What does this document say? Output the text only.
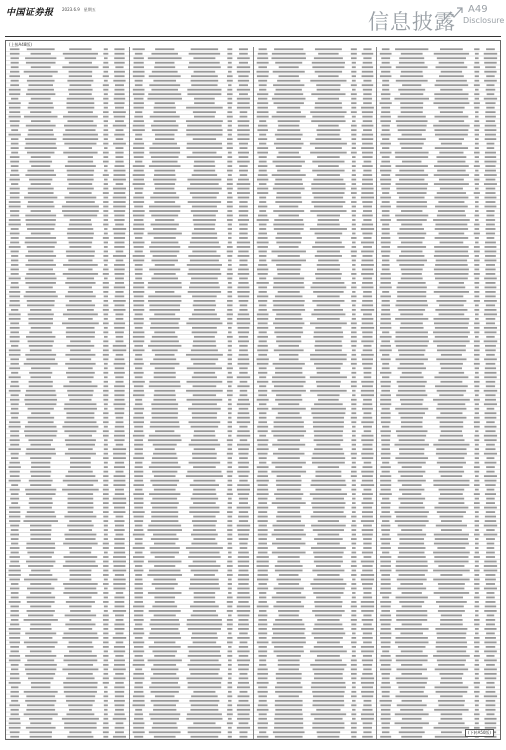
中国证券报 2023.6.9　星期五
信息披露
A49
Disclosure
(上接A48版)
(下转A50版)
